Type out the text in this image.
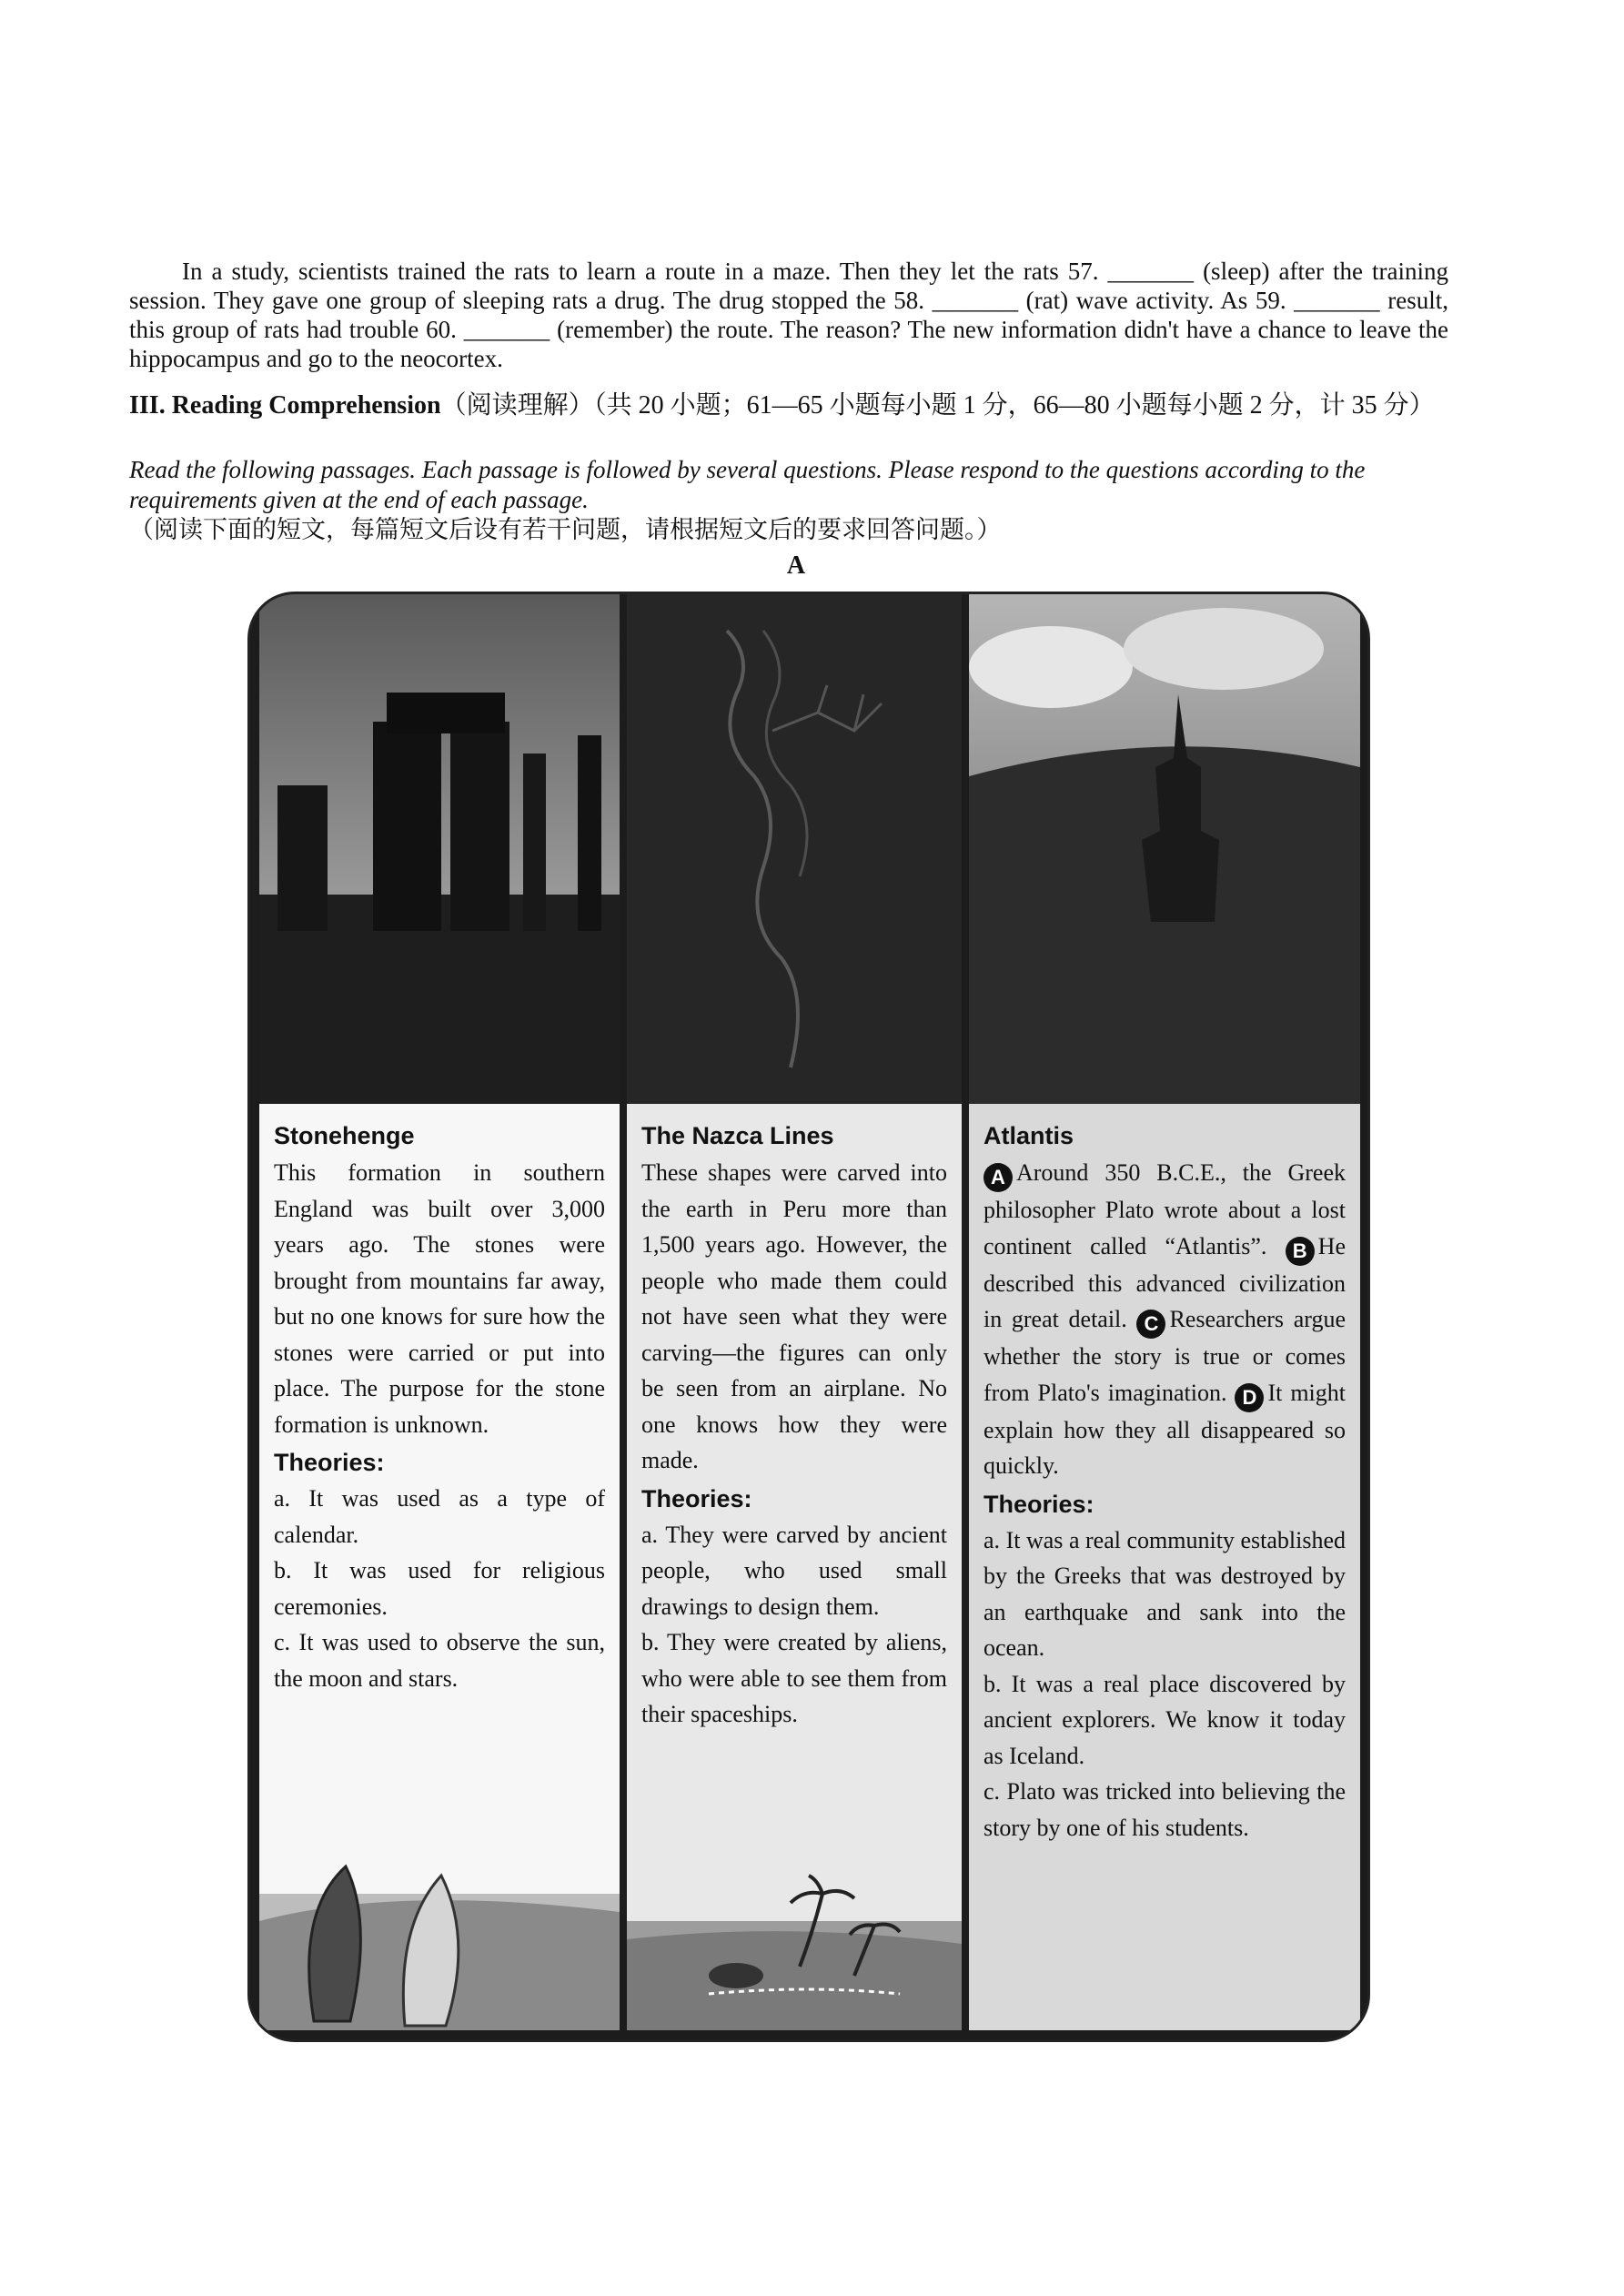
In a study, scientists trained the rats to learn a route in a maze. Then they let the rats 57. _______ (sleep) after the training session. They gave one group of sleeping rats a drug. The drug stopped the 58. _______ (rat) wave activity. As 59. _______ result, this group of rats had trouble 60. _______ (remember) the route. The reason? The new information didn't have a chance to leave the hippocampus and go to the neocortex.

III. Reading Comprehension（阅读理解）（共 20 小题；61—65 小题每小题 1 分，66—80 小题每小题 2 分，计 35 分）
Read the following passages. Each passage is followed by several questions. Please respond to the questions according to the requirements given at the end of each passage.（阅读下面的短文，每篇短文后设有若干问题，请根据短文后的要求回答问题。）
A
Stonehenge

This formation in southern England was built over 3,000 years ago. The stones were brought from mountains far away, but no one knows for sure how the stones were carried or put into place. The purpose for the stone formation is unknown.

Theories:

a. It was used as a type of calendar.

b. It was used for religious ceremonies.

c. It was used to observe the sun, the moon and stars.

The Nazca Lines

These shapes were carved into the earth in Peru more than 1,500 years ago. However, the people who made them could not have seen what they were carving—the figures can only be seen from an airplane. No one knows how they were made.

Theories:

a. They were carved by ancient people, who used small drawings to design them.

b. They were created by aliens, who were able to see them from their spaceships.

Atlantis

A Around 350 B.C.E., the Greek philosopher Plato wrote about a lost continent called “Atlantis”. B He described this advanced civilization in great detail. C Researchers argue whether the story is true or comes from Plato's imagination. D It might explain how they all disappeared so quickly.

Theories:

a. It was a real community established by the Greeks that was destroyed by an earthquake and sank into the ocean.

b. It was a real place discovered by ancient explorers. We know it today as Iceland.

c. Plato was tricked into believing the story by one of his students.
